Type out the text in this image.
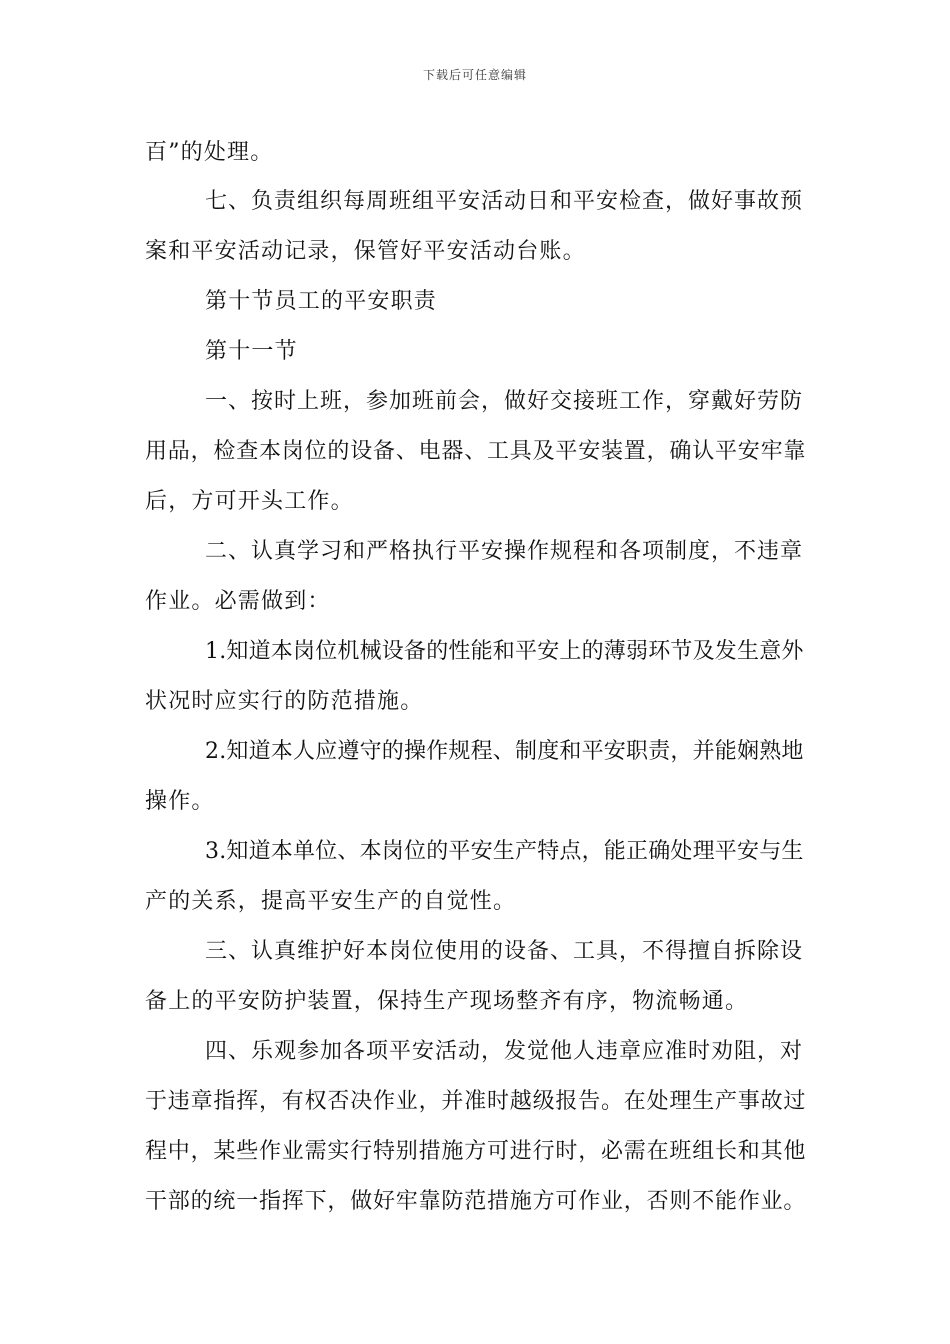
下载后可任意编辑

百”的处理。

七、负责组织每周班组平安活动日和平安检查，做好事故预

案和平安活动记录，保管好平安活动台账。

第十节员工的平安职责

第十一节

一、按时上班，参加班前会，做好交接班工作，穿戴好劳防

用品，检查本岗位的设备、电器、工具及平安装置，确认平安牢靠

后，方可开头工作。

二、认真学习和严格执行平安操作规程和各项制度，不违章

作业。必需做到：

1.知道本岗位机械设备的性能和平安上的薄弱环节及发生意外

状况时应实行的防范措施。

2.知道本人应遵守的操作规程、制度和平安职责，并能娴熟地

操作。

3.知道本单位、本岗位的平安生产特点，能正确处理平安与生

产的关系，提高平安生产的自觉性。

三、认真维护好本岗位使用的设备、工具，不得擅自拆除设

备上的平安防护装置，保持生产现场整齐有序，物流畅通。

四、乐观参加各项平安活动，发觉他人违章应准时劝阻，对

于违章指挥，有权否决作业，并准时越级报告。在处理生产事故过

程中，某些作业需实行特别措施方可进行时，必需在班组长和其他

干部的统一指挥下，做好牢靠防范措施方可作业，否则不能作业。
